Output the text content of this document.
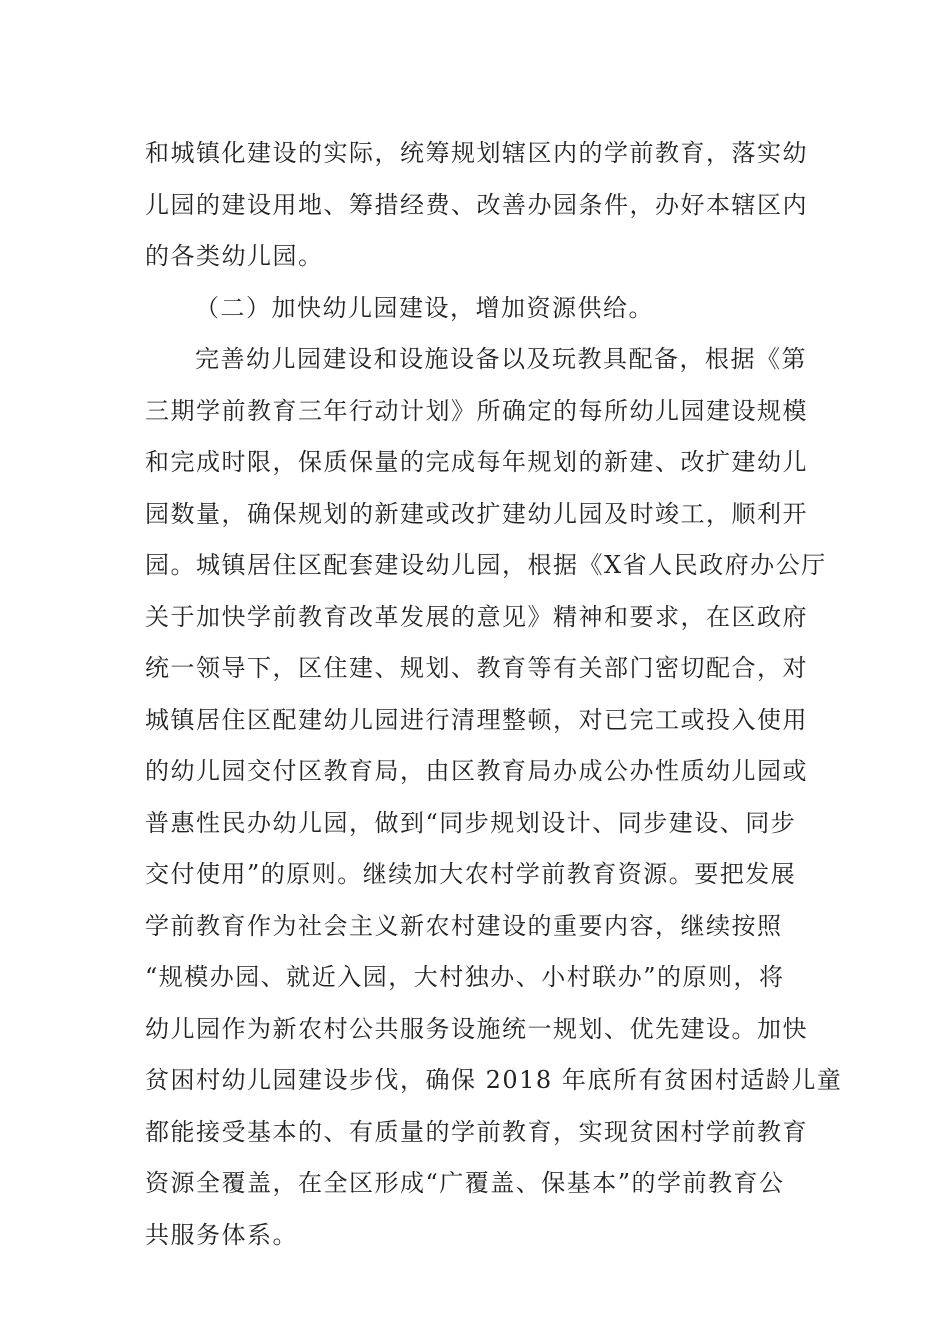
和城镇化建设的实际，统筹规划辖区内的学前教育，落实幼
儿园的建设用地、筹措经费、改善办园条件，办好本辖区内
的各类幼儿园。
（二）加快幼儿园建设，增加资源供给。
完善幼儿园建设和设施设备以及玩教具配备，根据《第
三期学前教育三年行动计划》所确定的每所幼儿园建设规模
和完成时限，保质保量的完成每年规划的新建、改扩建幼儿
园数量，确保规划的新建或改扩建幼儿园及时竣工，顺利开
园。城镇居住区配套建设幼儿园，根据《X省人民政府办公厅
关于加快学前教育改革发展的意见》精神和要求，在区政府
统一领导下，区住建、规划、教育等有关部门密切配合，对
城镇居住区配建幼儿园进行清理整顿，对已完工或投入使用
的幼儿园交付区教育局，由区教育局办成公办性质幼儿园或
普惠性民办幼儿园，做到“同步规划设计、同步建设、同步
交付使用”的原则。继续加大农村学前教育资源。要把发展
学前教育作为社会主义新农村建设的重要内容，继续按照
“规模办园、就近入园，大村独办、小村联办”的原则，将
幼儿园作为新农村公共服务设施统一规划、优先建设。加快
贫困村幼儿园建设步伐，确保 2018 年底所有贫困村适龄儿童
都能接受基本的、有质量的学前教育，实现贫困村学前教育
资源全覆盖，在全区形成“广覆盖、保基本”的学前教育公
共服务体系。
